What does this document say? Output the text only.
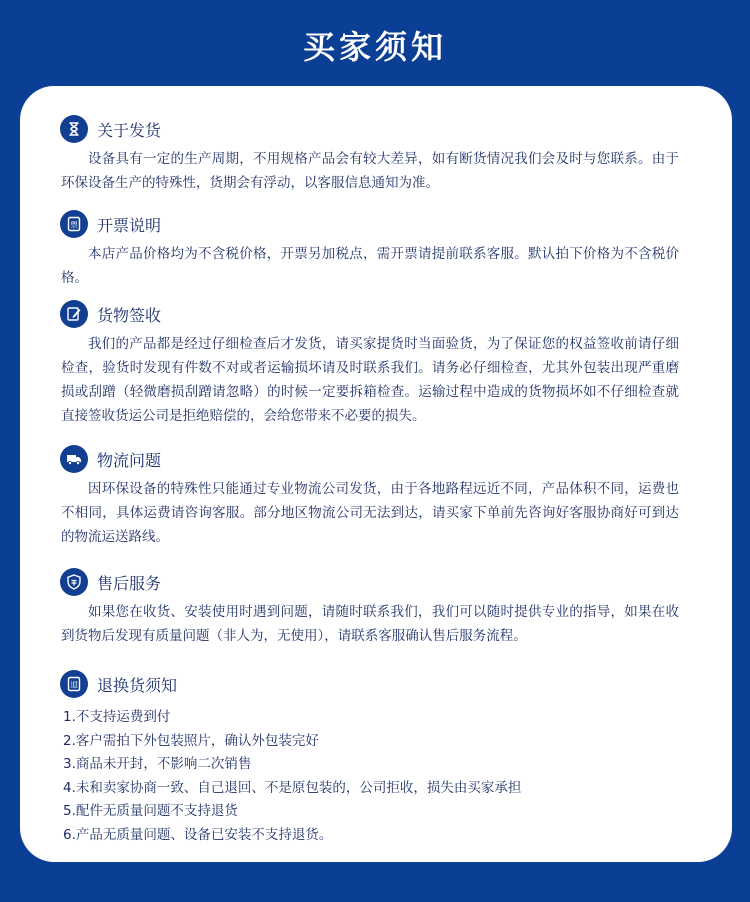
买家须知
关于发货
设备具有一定的生产周期，不用规格产品会有较大差异，如有断货情况我们会及时与您联系。由于环保设备生产的特殊性，货期会有浮动，以客服信息通知为准。
票 开票说明
本店产品价格均为不含税价格，开票另加税点，需开票请提前联系客服。默认拍下价格为不含税价格。
货物签收
我们的产品都是经过仔细检查后才发货，请买家提货时当面验货，为了保证您的权益签收前请仔细检查，验货时发现有件数不对或者运输损坏请及时联系我们。请务必仔细检查，尤其外包装出现严重磨损或刮蹭（轻微磨损刮蹭请忽略）的时候一定要拆箱检查。运输过程中造成的货物损坏如不仔细检查就直接签收货运公司是拒绝赔偿的，会给您带来不必要的损失。
物流问题
因环保设备的特殊性只能通过专业物流公司发货，由于各地路程远近不同，产品体积不同，运费也不相同，具体运费请咨询客服。部分地区物流公司无法到达，请买家下单前先咨询好客服协商好可到达的物流运送路线。
售后服务
如果您在收货、安装使用时遇到问题，请随时联系我们，我们可以随时提供专业的指导，如果在收到货物后发现有质量问题（非人为，无使用），请联系客服确认售后服务流程。
退 退换货须知
1.不支持运费到付
2.客户需拍下外包装照片，确认外包装完好
3.商品未开封，不影响二次销售
4.未和卖家协商一致、自己退回、不是原包装的，公司拒收，损失由买家承担
5.配件无质量问题不支持退货
6.产品无质量问题、设备已安装不支持退货。
